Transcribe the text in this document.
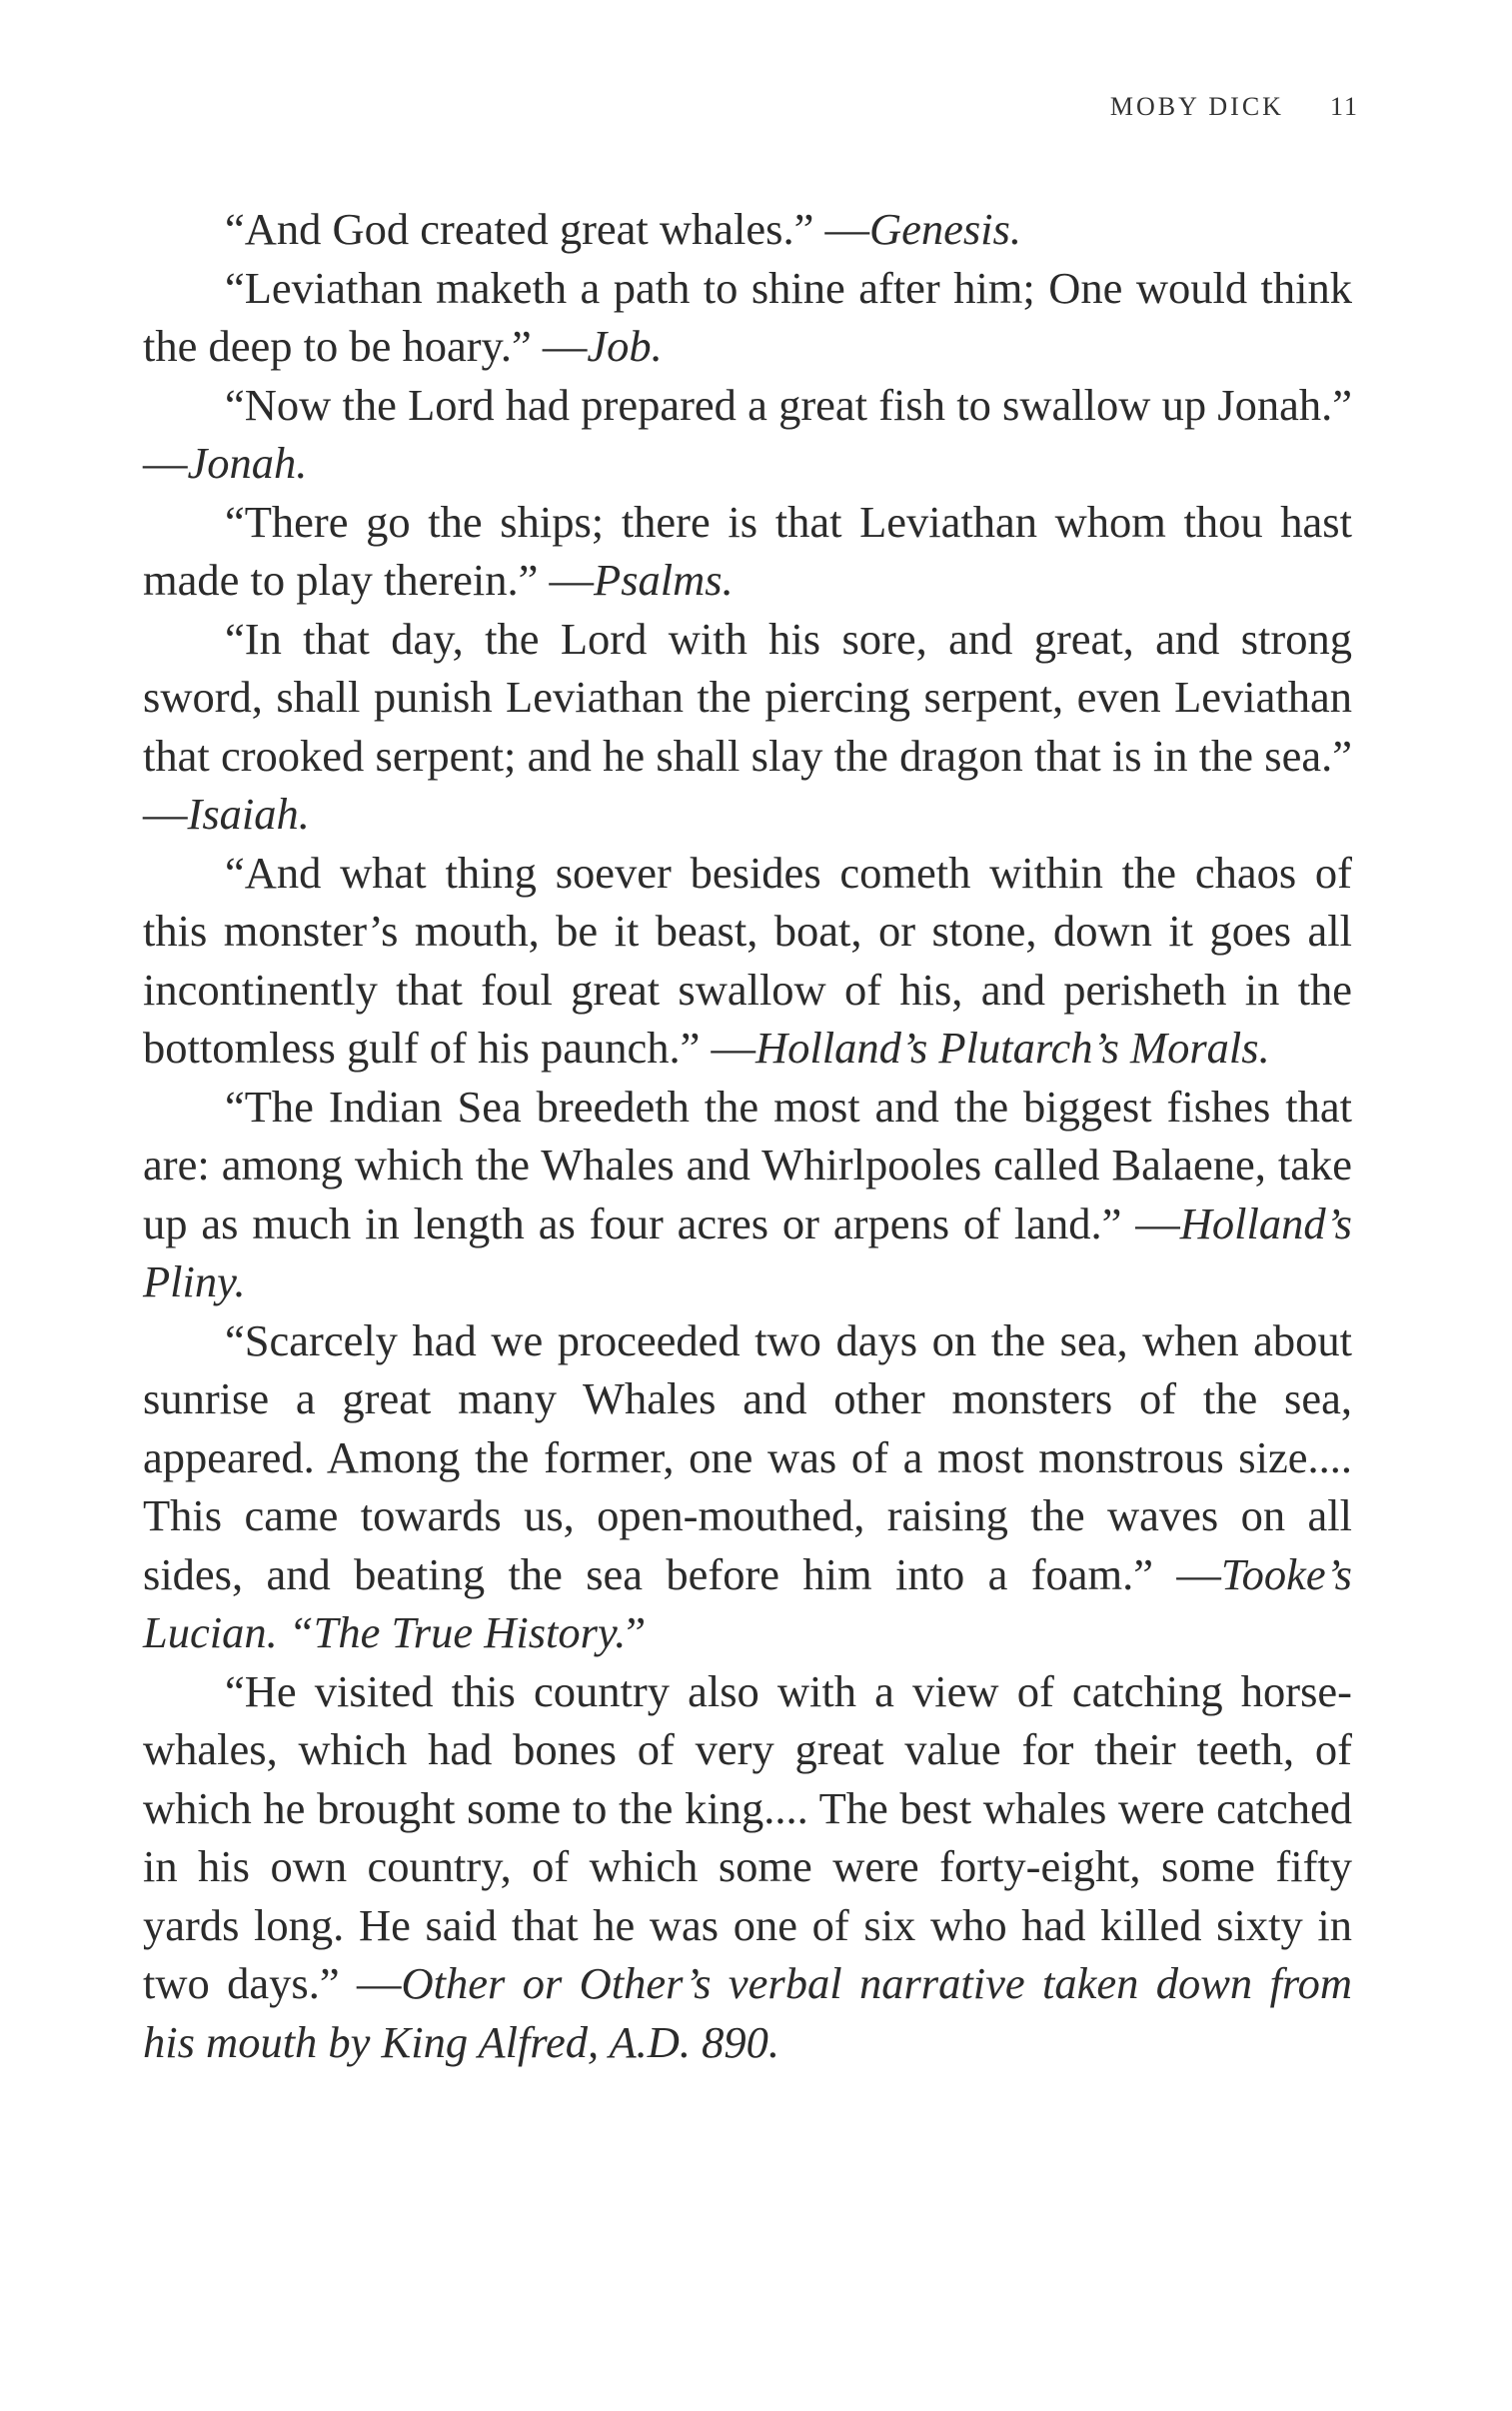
MOBY DICK 11

“And God created great whales.” —Genesis.

“Leviathan maketh a path to shine after him; One would think the deep to be hoary.” —Job.

“Now the Lord had prepared a great fish to swallow up Jonah.” —Jonah.

“There go the ships; there is that Leviathan whom thou hast made to play therein.” —Psalms.

“In that day, the Lord with his sore, and great, and strong sword, shall punish Leviathan the piercing serpent, even Leviathan that crooked serpent; and he shall slay the dragon that is in the sea.” —Isaiah.

“And what thing soever besides cometh within the chaos of this monster’s mouth, be it beast, boat, or stone, down it goes all incontinently that foul great swallow of his, and perisheth in the bottomless gulf of his paunch.” —Holland’s Plutarch’s Morals.

“The Indian Sea breedeth the most and the biggest fishes that are: among which the Whales and Whirlpooles called Balaene, take up as much in length as four acres or arpens of land.” —Holland’s Pliny.

“Scarcely had we proceeded two days on the sea, when about sunrise a great many Whales and other monsters of the sea, appeared. Among the former, one was of a most monstrous size.... This came towards us, open-mouthed, raising the waves on all sides, and beating the sea before him into a foam.” —Tooke’s Lucian. “The True History.”

“He visited this country also with a view of catching horse-whales, which had bones of very great value for their teeth, of which he brought some to the king.... The best whales were catched in his own country, of which some were forty-eight, some fifty yards long. He said that he was one of six who had killed sixty in two days.” —Other or Other’s verbal narrative taken down from his mouth by King Alfred, A.D. 890.
